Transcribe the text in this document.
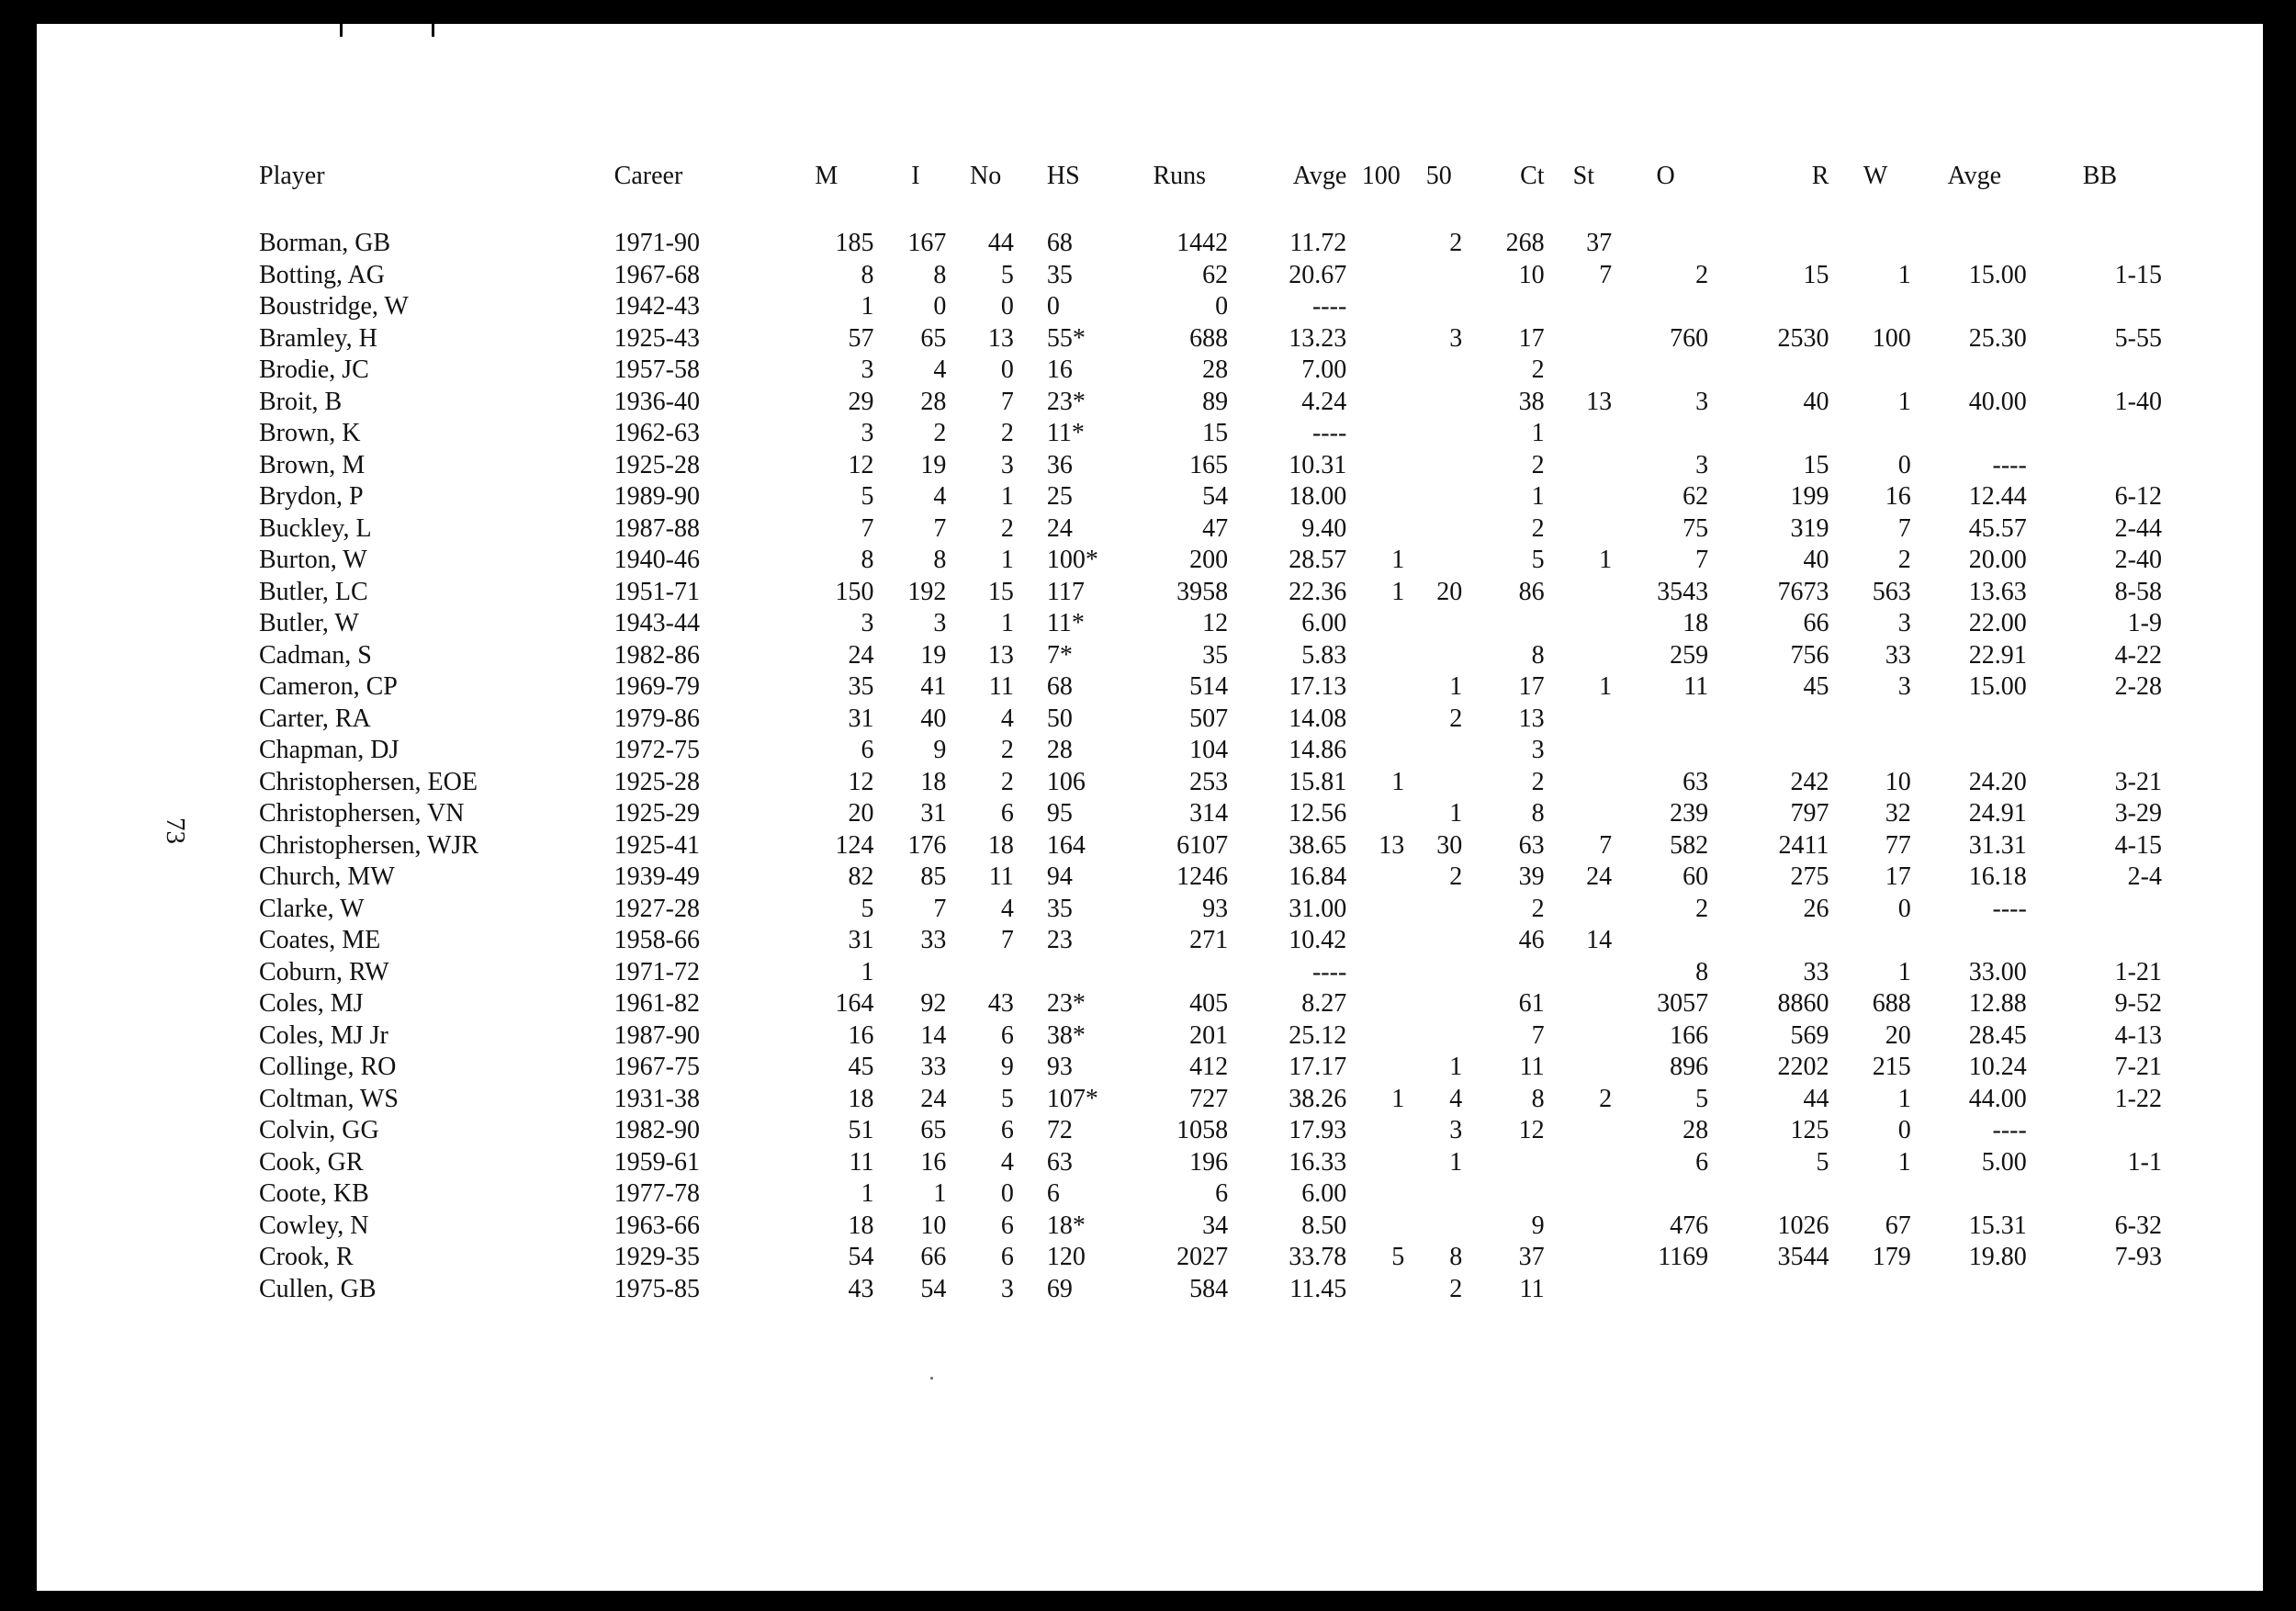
73
Player	Career	M	I	No	HS	Runs	Avge	100	50	Ct	St	O	R	W	Avge	BB
Borman, GB	1971-90	185	167	44	68	1442	11.72		2	268	37					
Botting, AG	1967-68	8	8	5	35	62	20.67			10	7	2	15	1	15.00	1-15
Boustridge, W	1942-43	1	0	0	0	0	----									
Bramley, H	1925-43	57	65	13	55*	688	13.23		3	17		760	2530	100	25.30	5-55
Brodie, JC	1957-58	3	4	0	16	28	7.00			2						
Broit, B	1936-40	29	28	7	23*	89	4.24			38	13	3	40	1	40.00	1-40
Brown, K	1962-63	3	2	2	11*	15	----			1						
Brown, M	1925-28	12	19	3	36	165	10.31			2		3	15	0	----	
Brydon, P	1989-90	5	4	1	25	54	18.00			1		62	199	16	12.44	6-12
Buckley, L	1987-88	7	7	2	24	47	9.40			2		75	319	7	45.57	2-44
Burton, W	1940-46	8	8	1	100*	200	28.57	1		5	1	7	40	2	20.00	2-40
Butler, LC	1951-71	150	192	15	117	3958	22.36	1	20	86		3543	7673	563	13.63	8-58
Butler, W	1943-44	3	3	1	11*	12	6.00					18	66	3	22.00	1-9
Cadman, S	1982-86	24	19	13	7*	35	5.83			8		259	756	33	22.91	4-22
Cameron, CP	1969-79	35	41	11	68	514	17.13		1	17	1	11	45	3	15.00	2-28
Carter, RA	1979-86	31	40	4	50	507	14.08		2	13						
Chapman, DJ	1972-75	6	9	2	28	104	14.86			3						
Christophersen, EOE	1925-28	12	18	2	106	253	15.81	1		2		63	242	10	24.20	3-21
Christophersen, VN	1925-29	20	31	6	95	314	12.56		1	8		239	797	32	24.91	3-29
Christophersen, WJR	1925-41	124	176	18	164	6107	38.65	13	30	63	7	582	2411	77	31.31	4-15
Church, MW	1939-49	82	85	11	94	1246	16.84		2	39	24	60	275	17	16.18	2-4
Clarke, W	1927-28	5	7	4	35	93	31.00			2		2	26	0	----	
Coates, ME	1958-66	31	33	7	23	271	10.42			46	14					
Coburn, RW	1971-72	1					----					8	33	1	33.00	1-21
Coles, MJ	1961-82	164	92	43	23*	405	8.27			61		3057	8860	688	12.88	9-52
Coles, MJ Jr	1987-90	16	14	6	38*	201	25.12			7		166	569	20	28.45	4-13
Collinge, RO	1967-75	45	33	9	93	412	17.17		1	11		896	2202	215	10.24	7-21
Coltman, WS	1931-38	18	24	5	107*	727	38.26	1	4	8	2	5	44	1	44.00	1-22
Colvin, GG	1982-90	51	65	6	72	1058	17.93		3	12		28	125	0	----	
Cook, GR	1959-61	11	16	4	63	196	16.33		1			6	5	1	5.00	1-1
Coote, KB	1977-78	1	1	0	6	6	6.00									
Cowley, N	1963-66	18	10	6	18*	34	8.50			9		476	1026	67	15.31	6-32
Crook, R	1929-35	54	66	6	120	2027	33.78	5	8	37		1169	3544	179	19.80	7-93
Cullen, GB	1975-85	43	54	3	69	584	11.45		2	11						
